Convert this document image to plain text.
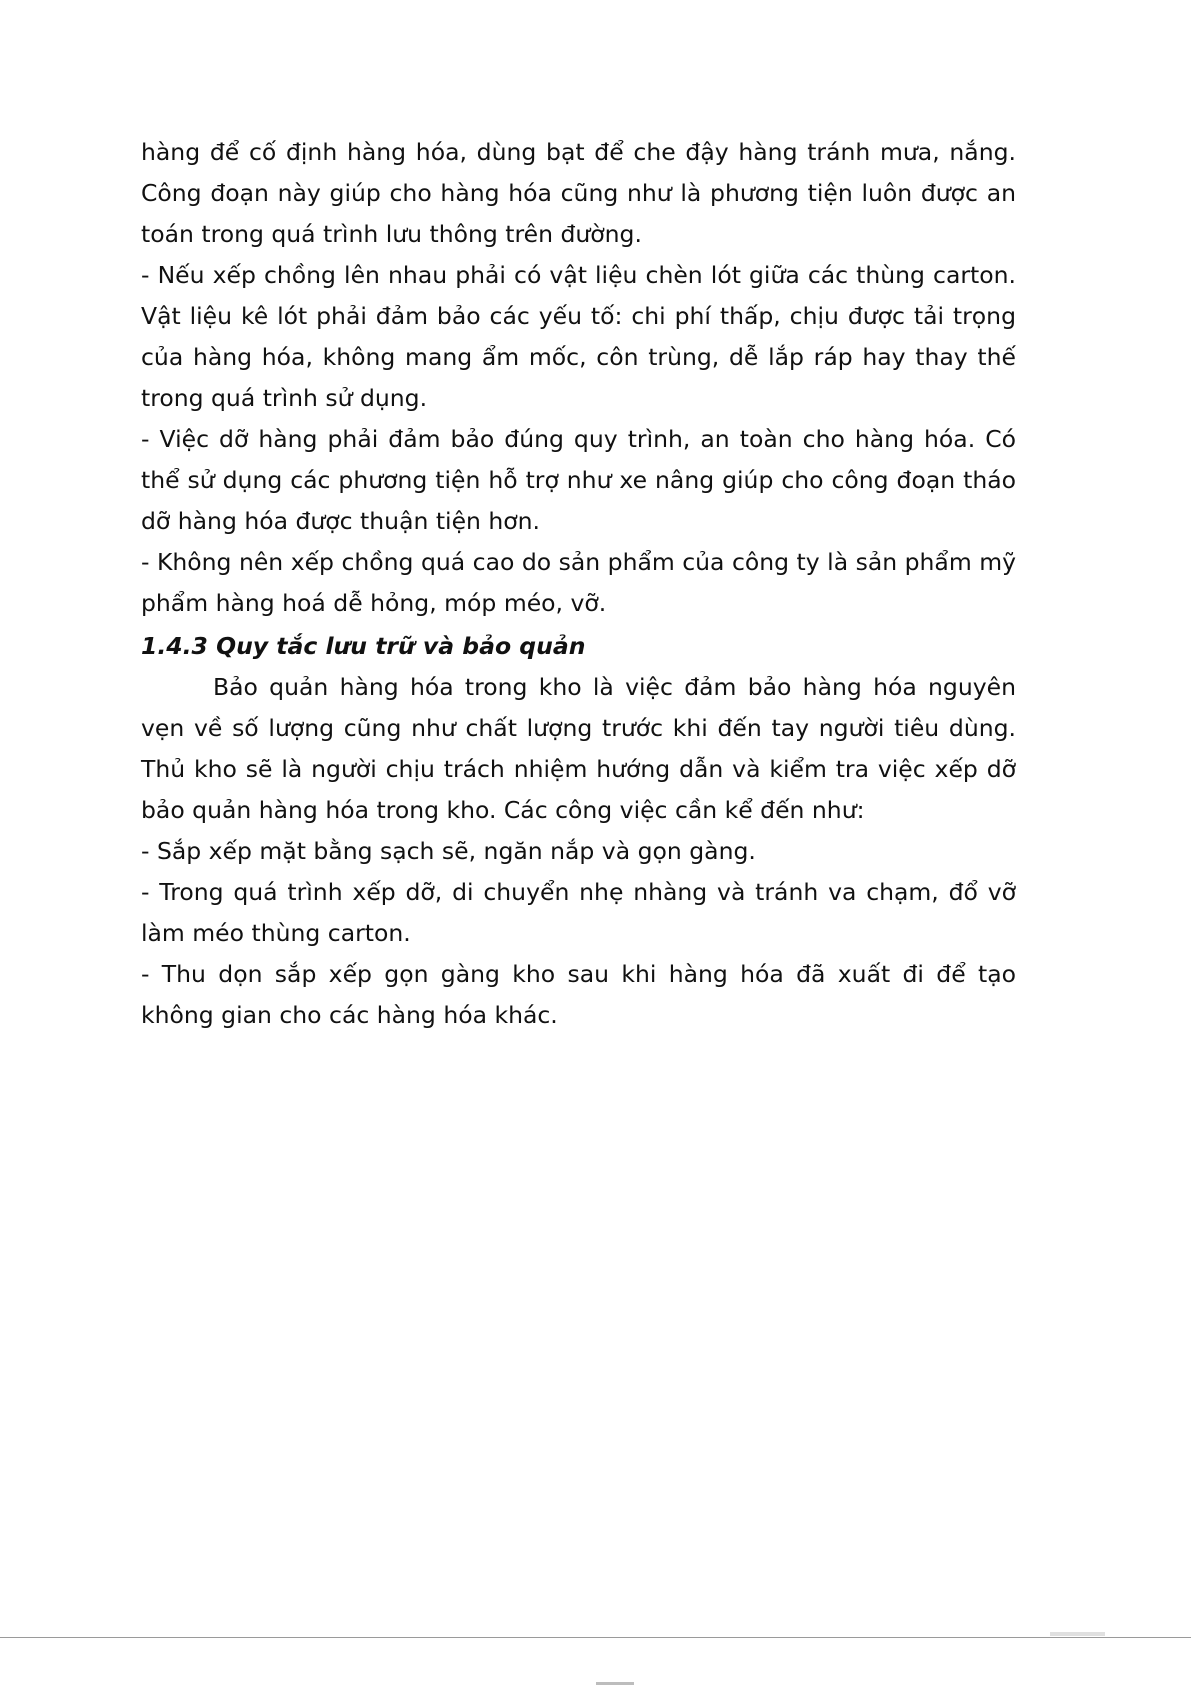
hàng để cố định hàng hóa, dùng bạt để che đậy hàng tránh mưa, nắng. Công đoạn này giúp cho hàng hóa cũng như là phương tiện luôn được an toán trong quá trình lưu thông trên đường.

- Nếu xếp chồng lên nhau phải có vật liệu chèn lót giữa các thùng carton. Vật liệu kê lót phải đảm bảo các yếu tố: chi phí thấp, chịu được tải trọng của hàng hóa, không mang ẩm mốc, côn trùng, dễ lắp ráp hay thay thế trong quá trình sử dụng.

- Việc dỡ hàng phải đảm bảo đúng quy trình, an toàn cho hàng hóa. Có thể sử dụng các phương tiện hỗ trợ như xe nâng giúp cho công đoạn tháo dỡ hàng hóa được thuận tiện hơn.

- Không nên xếp chồng quá cao do sản phẩm của công ty là sản phẩm mỹ phẩm hàng hoá dễ hỏng, móp méo, vỡ.

1.4.3 Quy tắc lưu trữ và bảo quản

Bảo quản hàng hóa trong kho là việc đảm bảo hàng hóa nguyên vẹn về số lượng cũng như chất lượng trước khi đến tay người tiêu dùng. Thủ kho sẽ là người chịu trách nhiệm hướng dẫn và kiểm tra việc xếp dỡ bảo quản hàng hóa trong kho. Các công việc cần kể đến như:

- Sắp xếp mặt bằng sạch sẽ, ngăn nắp và gọn gàng.

- Trong quá trình xếp dỡ, di chuyển nhẹ nhàng và tránh va chạm, đổ vỡ làm méo thùng carton.

- Thu dọn sắp xếp gọn gàng kho sau khi hàng hóa đã xuất đi để tạo không gian cho các hàng hóa khác.
